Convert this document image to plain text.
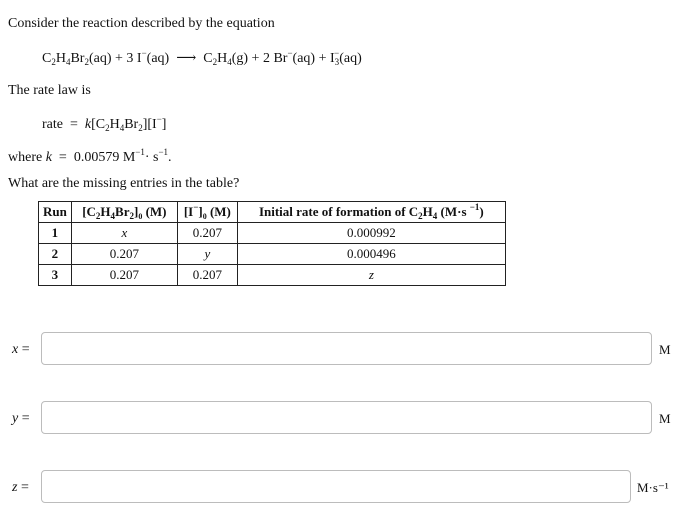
Consider the reaction described by the equation
$C_2H_4Br_2(aq) + 3$ I−(aq)  ⟶  $C_2H_4(g) + 2$ $Br^-(aq) + I_3^-(aq)$
The rate law is
rate  =  $k[C_2H_4Br_2][I^-]$
where k  =  0.00579 $M^{-1}\cdot s^{-1}$.
What are the missing entries in the table?
Run	$[C_2H_4Br_2]_0$ (M)	$[I^-]_0$ (M)	Initial rate of formation of $C_2H_4$ (M·s $^{-1}$)
1	x	0.207	0.000992
2	0.207	y	0.000496
3	0.207	0.207	z
x =	M
y =	M
z =	M·s⁻¹
